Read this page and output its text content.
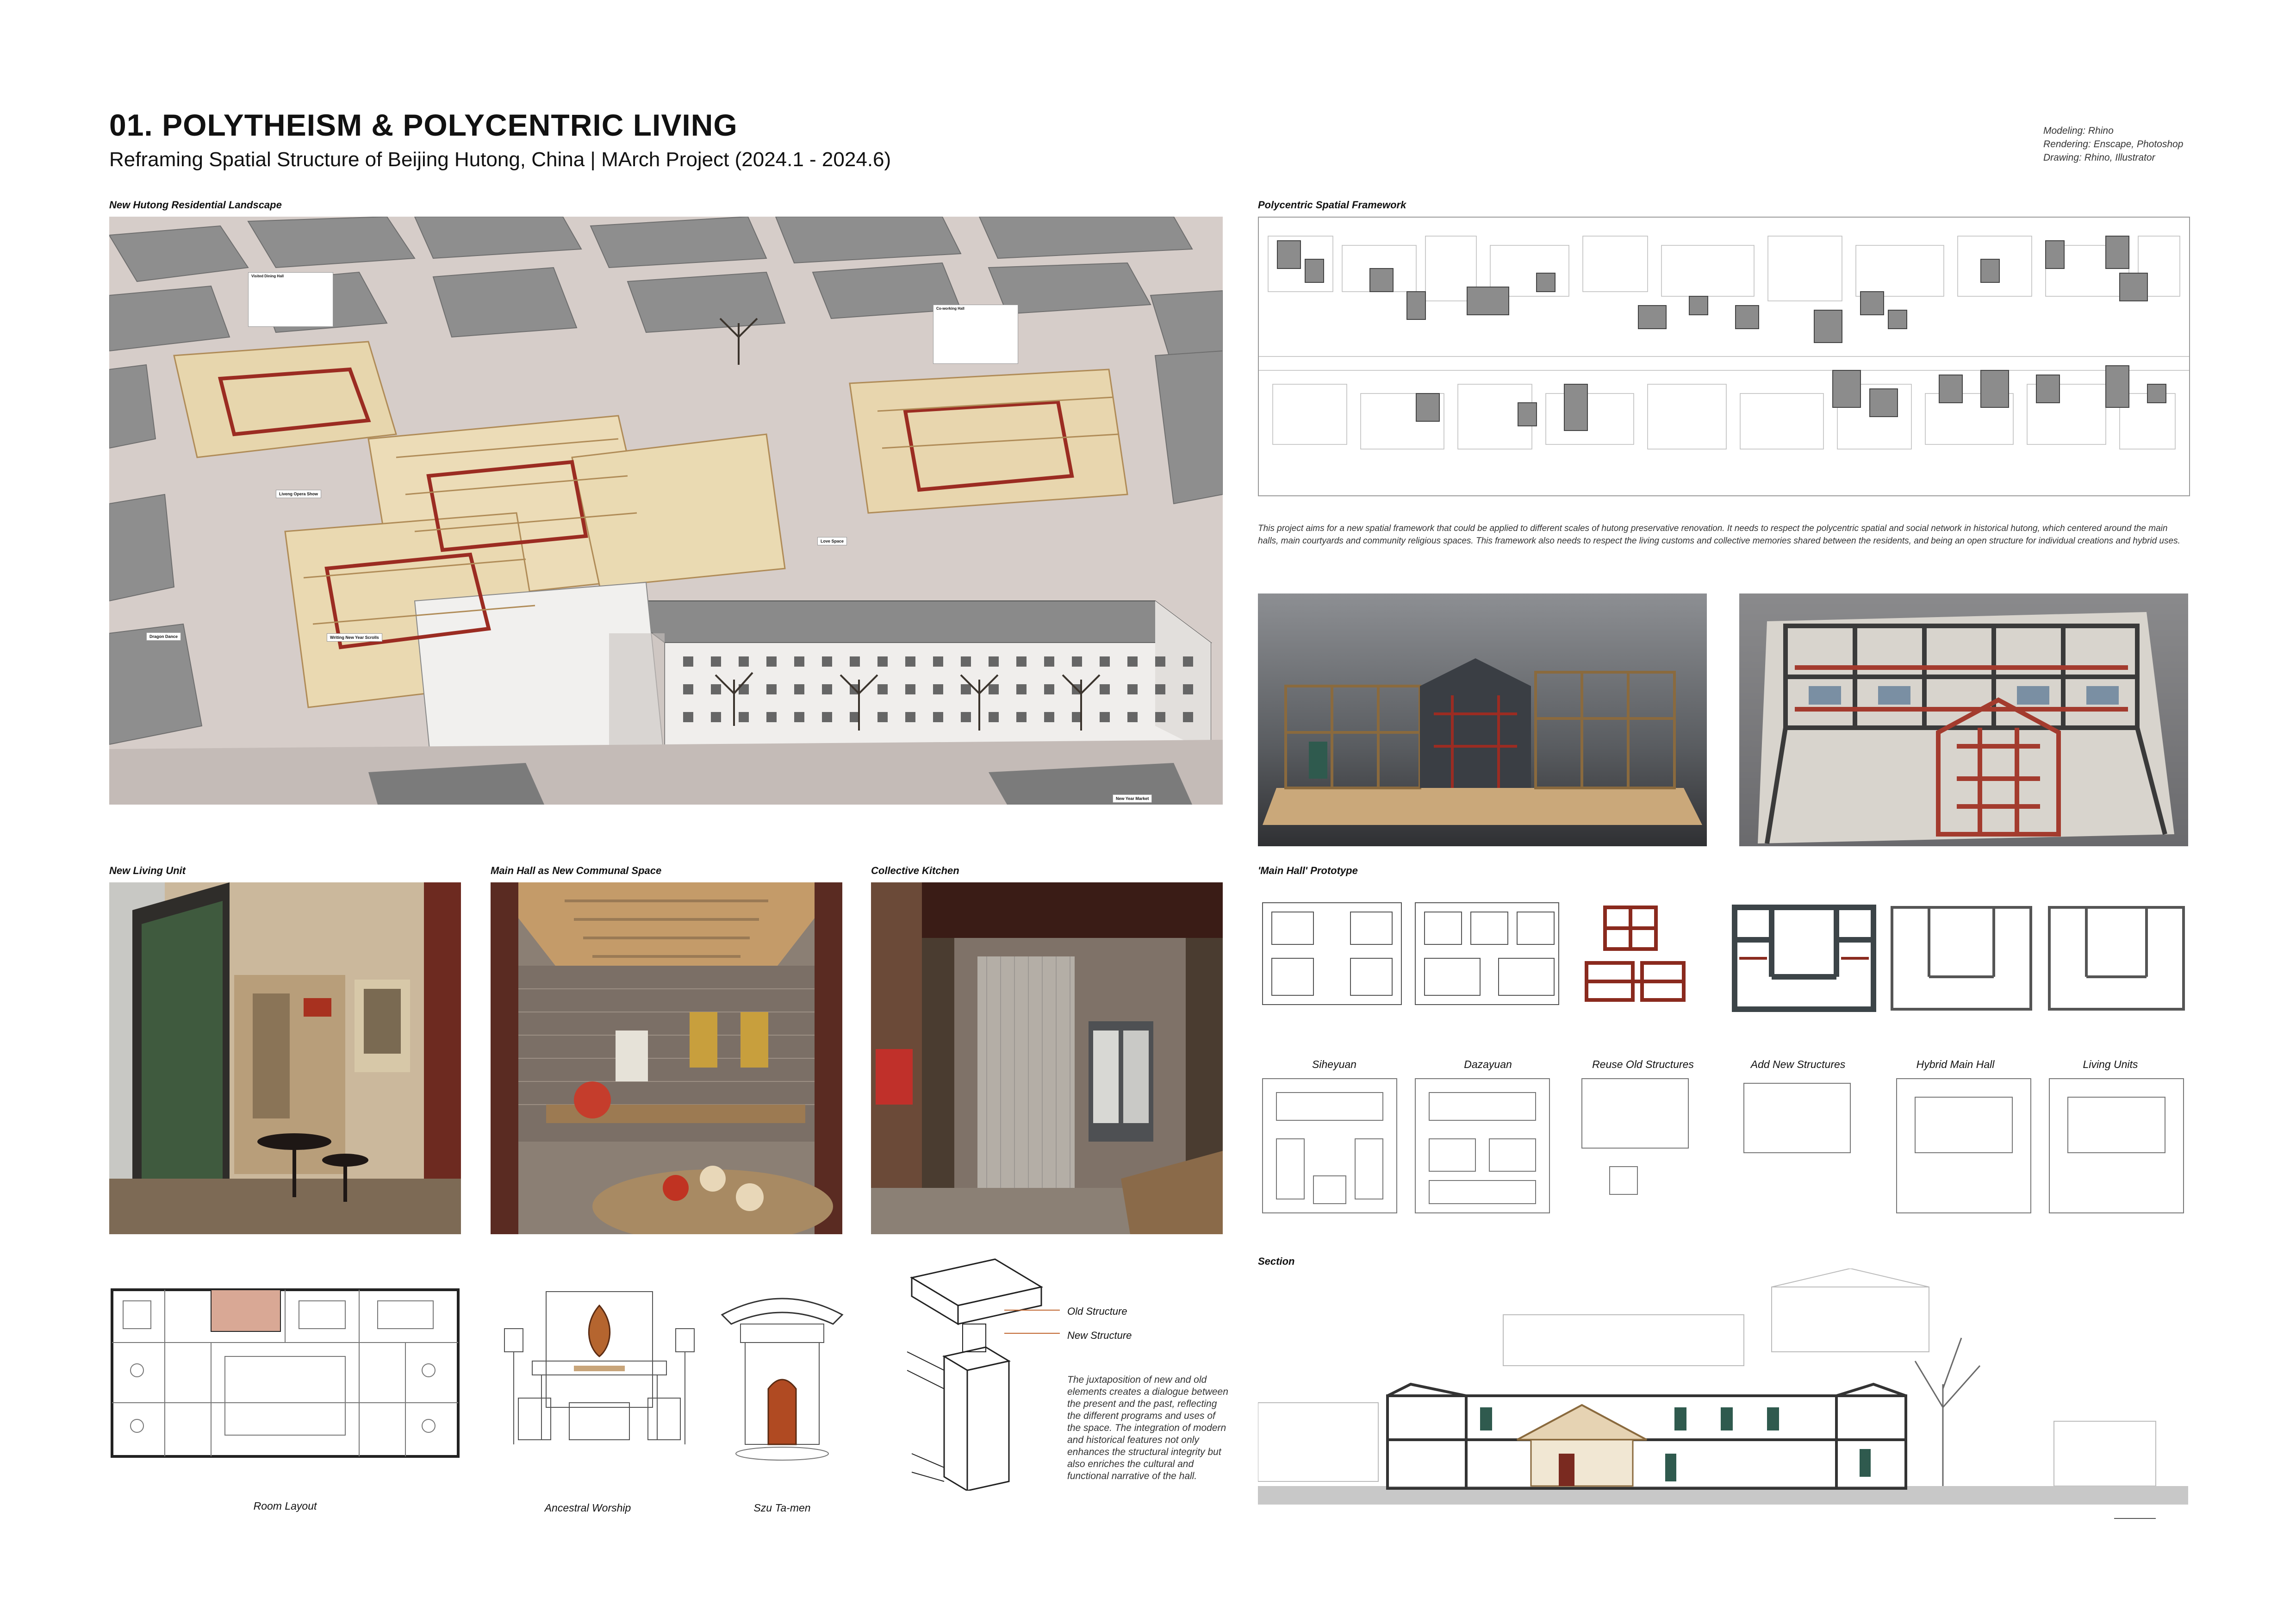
01. POLYTHEISM & POLYCENTRIC LIVING
Reframing Spatial Structure of Beijing Hutong, China | MArch Project (2024.1 - 2024.6)
Modeling: Rhino
Rendering: Enscape, Photoshop
Drawing: Rhino, Illustrator
New Hutong Residential Landscape	Polycentric Spatial Framework
New Living Unit	Main Hall as New Communal Space	Collective Kitchen	'Main Hall' Prototype
Section
Visited Dining Hall
Co-working Hall
Liveng Opera Show
Love Space
Dragon Dance	Writing New Year Scrolls
New Year Market
This project aims for a new spatial framework that could be applied to different scales of hutong preservative renovation. It needs to respect the polycentric spatial and social network in historical hutong, which centered around the main halls, main courtyards and community religious spaces. This framework also needs to respect the living customs and collective memories shared between the residents, and being an open structure for individual creations and hybrid uses.
Room Layout	Ancestral Worship	Szu Ta-men
Old Structure
New Structure
The juxtaposition of new and old elements creates a dialogue between the present and the past, reflecting the different programs and uses of the space. The integration of modern and historical features not only enhances the structural integrity but also enriches the cultural and functional narrative of the hall.
Siheyuan	Dazayuan	Reuse Old Structures	Add New Structures	Hybrid Main Hall	Living Units
